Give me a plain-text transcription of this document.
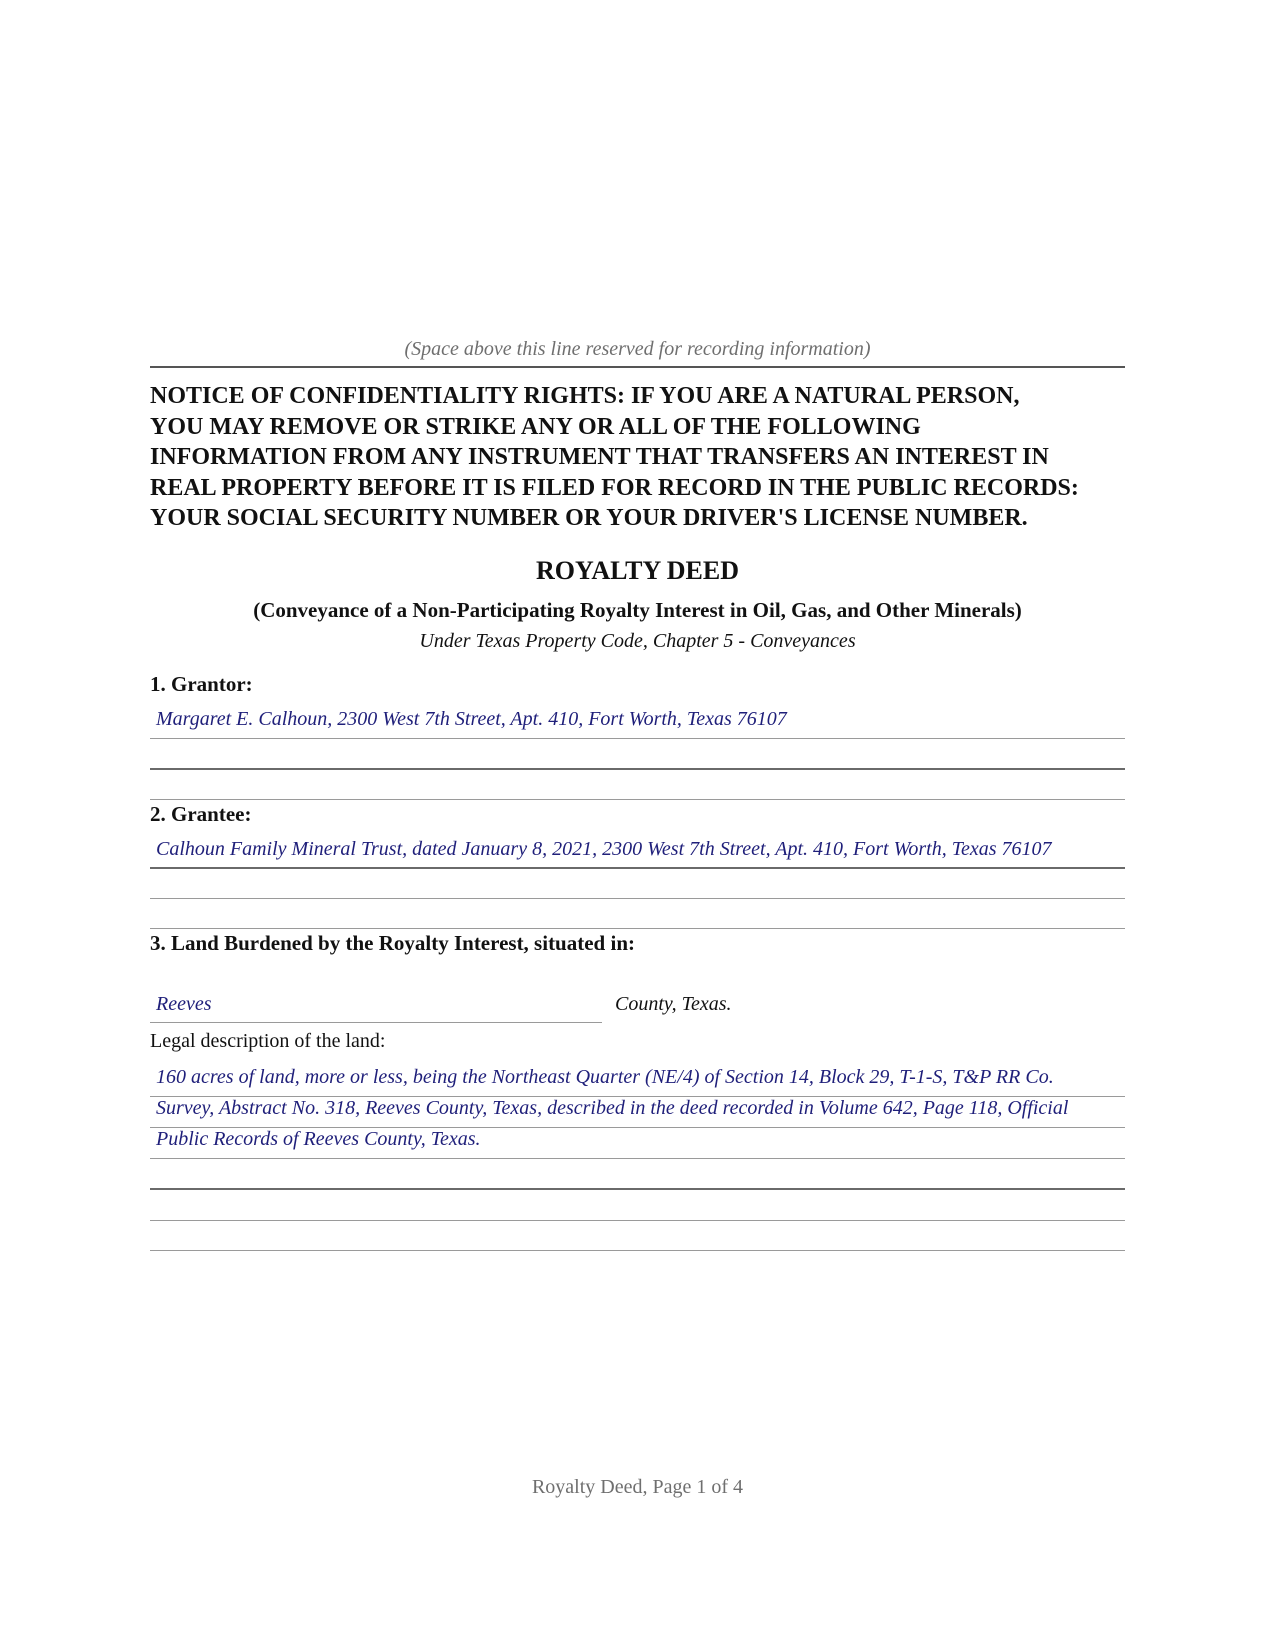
(Space above this line reserved for recording information)
NOTICE OF CONFIDENTIALITY RIGHTS: IF YOU ARE A NATURAL PERSON,
YOU MAY REMOVE OR STRIKE ANY OR ALL OF THE FOLLOWING
INFORMATION FROM ANY INSTRUMENT THAT TRANSFERS AN INTEREST IN
REAL PROPERTY BEFORE IT IS FILED FOR RECORD IN THE PUBLIC RECORDS:
YOUR SOCIAL SECURITY NUMBER OR YOUR DRIVER'S LICENSE NUMBER.
ROYALTY DEED
(Conveyance of a Non-Participating Royalty Interest in Oil, Gas, and Other Minerals)
Under Texas Property Code, Chapter 5 - Conveyances
1. Grantor:
Margaret E. Calhoun, 2300 West 7th Street, Apt. 410, Fort Worth, Texas 76107
2. Grantee:
Calhoun Family Mineral Trust, dated January 8, 2021, 2300 West 7th Street, Apt. 410, Fort Worth, Texas 76107
3. Land Burdened by the Royalty Interest, situated in:
Reeves	County, Texas.
Legal description of the land:
160 acres of land, more or less, being the Northeast Quarter (NE/4) of Section 14, Block 29, T-1-S, T&P RR Co.
Survey, Abstract No. 318, Reeves County, Texas, described in the deed recorded in Volume 642, Page 118, Official
Public Records of Reeves County, Texas.
Royalty Deed, Page 1 of 4
